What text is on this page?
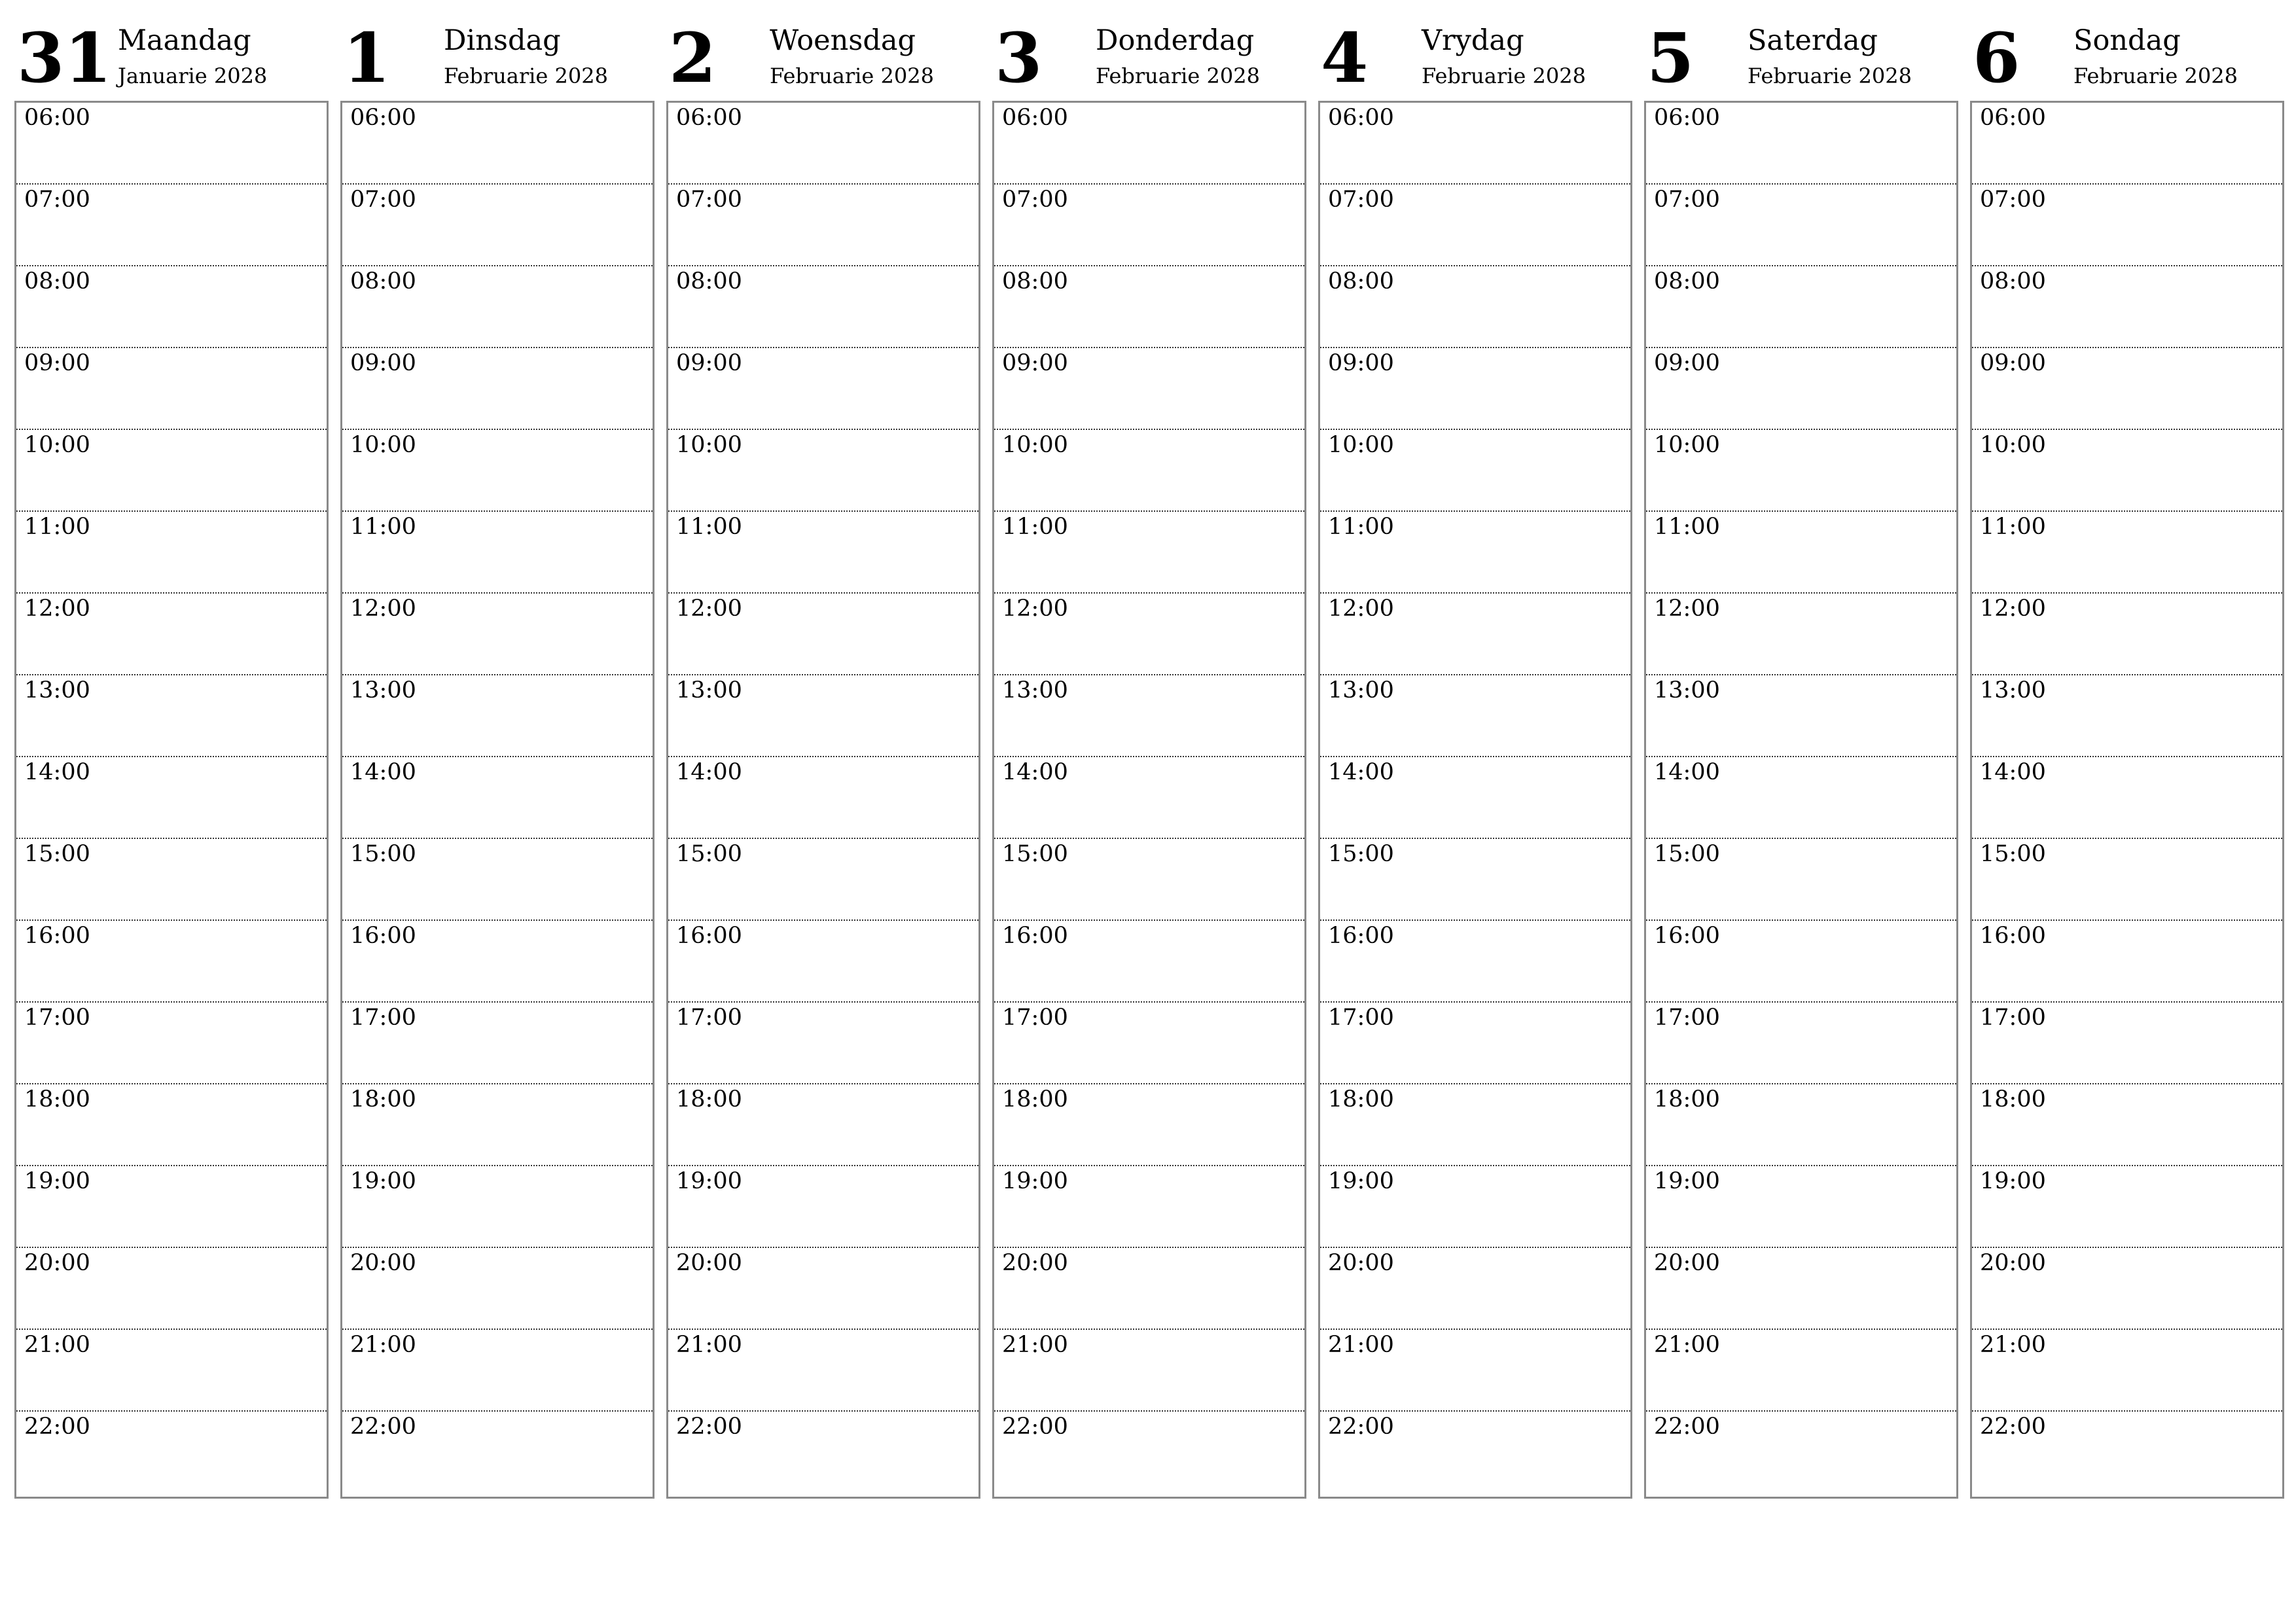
31 Maandag
Januarie 2028
06:00
07:00
08:00
09:00
10:00
11:00
12:00
13:00
14:00
15:00
16:00
17:00
18:00
19:00
20:00
21:00
22:00
1 Dinsdag
Februarie 2028
06:00
07:00
08:00
09:00
10:00
11:00
12:00
13:00
14:00
15:00
16:00
17:00
18:00
19:00
20:00
21:00
22:00
2 Woensdag
Februarie 2028
06:00
07:00
08:00
09:00
10:00
11:00
12:00
13:00
14:00
15:00
16:00
17:00
18:00
19:00
20:00
21:00
22:00
3 Donderdag
Februarie 2028
06:00
07:00
08:00
09:00
10:00
11:00
12:00
13:00
14:00
15:00
16:00
17:00
18:00
19:00
20:00
21:00
22:00
4 Vrydag
Februarie 2028
06:00
07:00
08:00
09:00
10:00
11:00
12:00
13:00
14:00
15:00
16:00
17:00
18:00
19:00
20:00
21:00
22:00
5 Saterdag
Februarie 2028
06:00
07:00
08:00
09:00
10:00
11:00
12:00
13:00
14:00
15:00
16:00
17:00
18:00
19:00
20:00
21:00
22:00
6 Sondag
Februarie 2028
06:00
07:00
08:00
09:00
10:00
11:00
12:00
13:00
14:00
15:00
16:00
17:00
18:00
19:00
20:00
21:00
22:00
